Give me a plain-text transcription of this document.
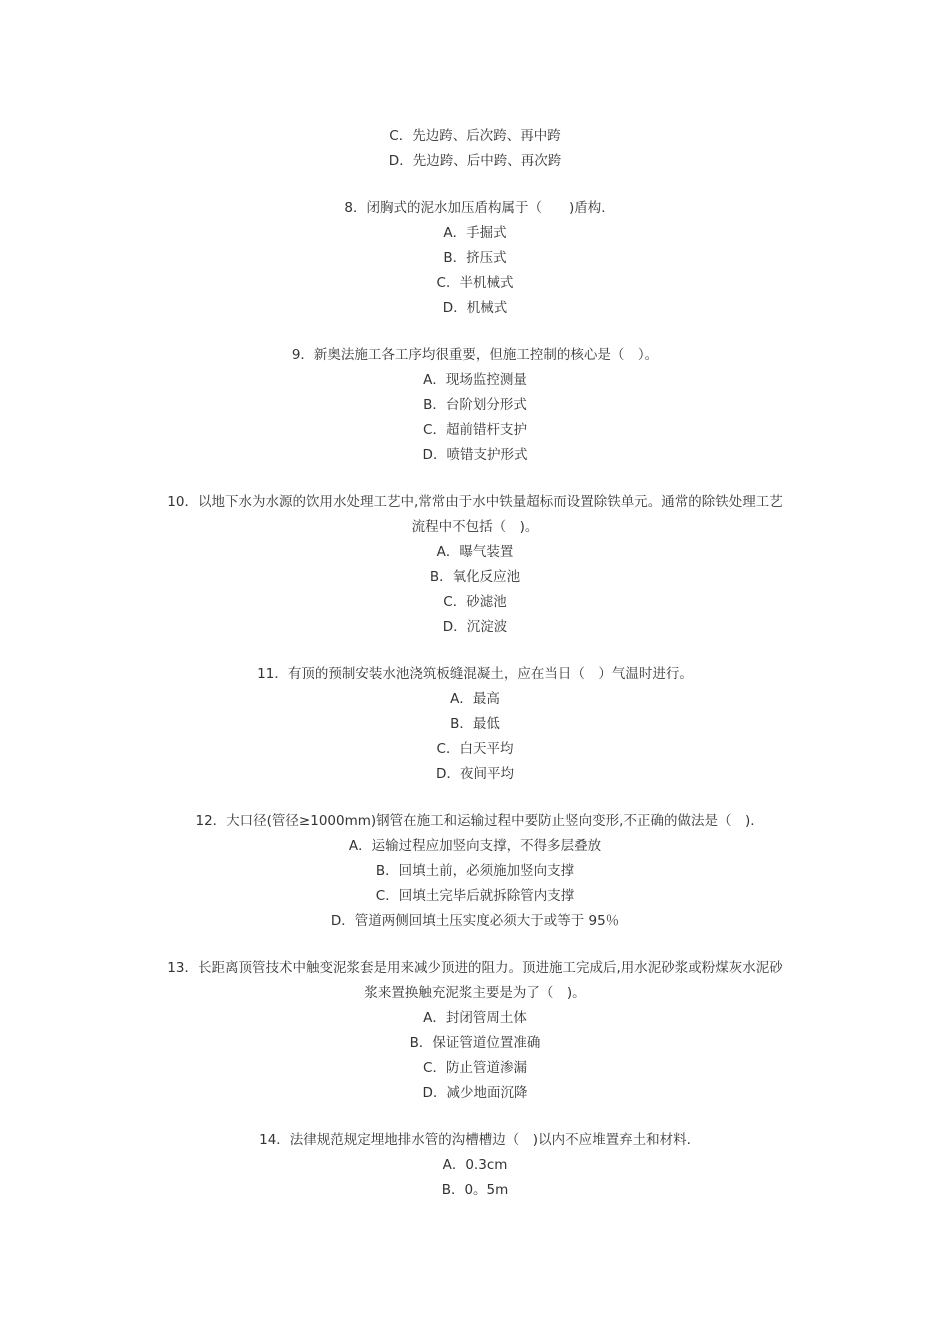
C．先边跨、后次跨、再中跨
D．先边跨、后中跨、再次跨
8．闭胸式的泥水加压盾构属于（　　)盾构.
A．手掘式
B．挤压式
C．半机械式
D．机械式
9．新奥法施工各工序均很重要，但施工控制的核心是（　）。
A．现场监控测量
B．台阶划分形式
C．超前错杆支护
D．喷错支护形式
10．以地下水为水源的饮用水处理工艺中,常常由于水中铁量超标而设置除铁单元。通常的除铁处理工艺
流程中不包括（　)。
A．曝气装置
B．氧化反应池
C．砂滤池
D．沉淀波
11．有顶的预制安装水池浇筑板缝混凝土，应在当日（　）气温时进行。
A．最高
B．最低
C．白天平均
D．夜间平均
12．大口径(管径≥1000mm)钢管在施工和运输过程中要防止竖向变形,不正确的做法是（　).
A．运输过程应加竖向支撑，不得多层叠放
B．回填土前，必须施加竖向支撑
C．回填土完毕后就拆除管内支撑
D．管道两侧回填土压实度必须大于或等于 95％
13．长距离顶管技术中触变泥浆套是用来减少顶进的阻力。顶进施工完成后,用水泥砂浆或粉煤灰水泥砂
浆来置换触充泥浆主要是为了（　)。
A．封闭管周土体
B．保证管道位置准确
C．防止管道渗漏
D．减少地面沉降
14．法律规范规定埋地排水管的沟槽槽边（　)以内不应堆置弃土和材料.
A．0.3cm
B．0。5m
